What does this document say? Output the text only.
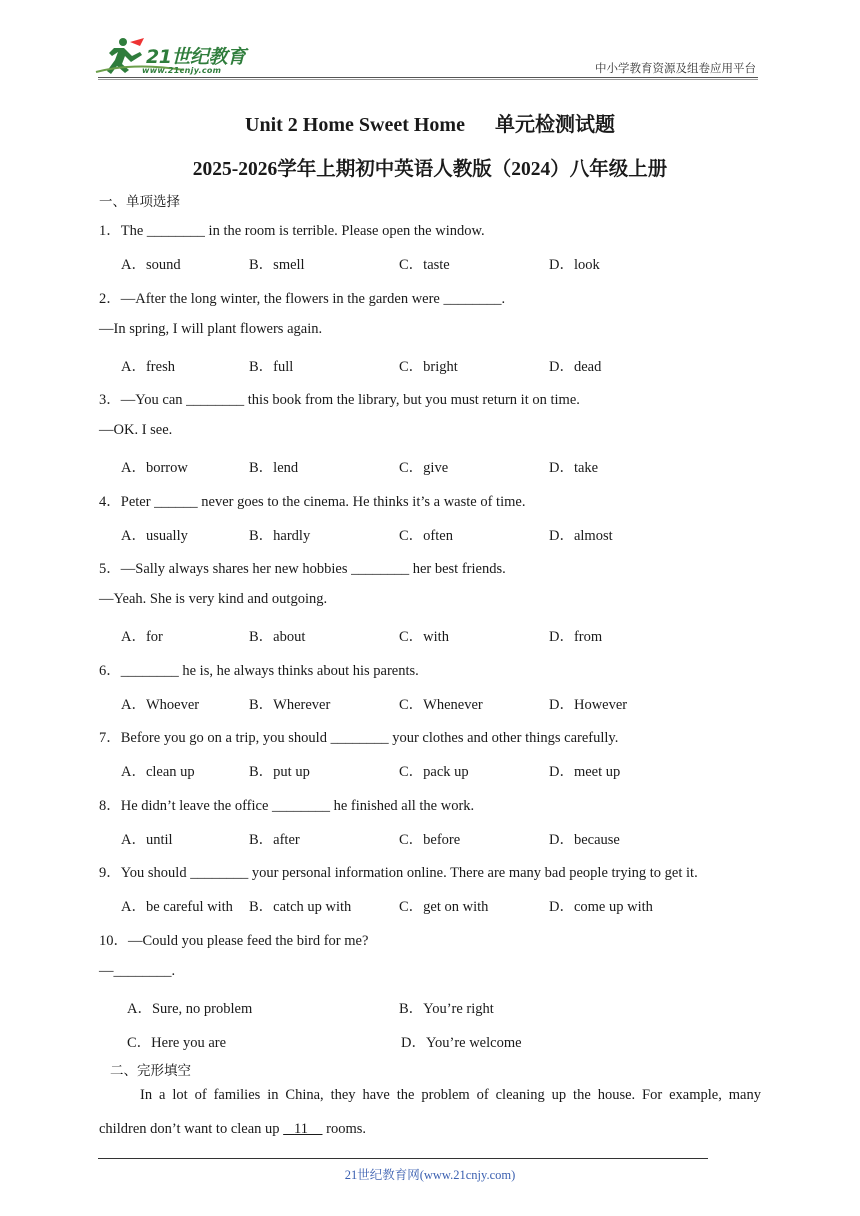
21世纪教育
www.21cnjy.com	中小学教育资源及组卷应用平台
Unit 2 Home Sweet Home 单元检测试题
2025-2026学年上期初中英语人教版（2024）八年级上册
一、单项选择
1．The ________ in the room is terrible. Please open the window.
A．sound	B．smell	C．taste	D．look
2．—After the long winter, the flowers in the garden were ________.
—In spring, I will plant flowers again.
A．fresh	B．full	C．bright	D．dead
3．—You can ________ this book from the library, but you must return it on time.
—OK. I see.
A．borrow	B．lend	C．give	D．take
4．Peter ______ never goes to the cinema. He thinks it’s a waste of time.
A．usually	B．hardly	C．often	D．almost
5．—Sally always shares her new hobbies ________ her best friends.
—Yeah. She is very kind and outgoing.
A．for	B．about	C．with	D．from
6．________ he is, he always thinks about his parents.
A．Whoever	B．Wherever	C．Whenever	D．However
7．Before you go on a trip, you should ________ your clothes and other things carefully.
A．clean up	B．put up	C．pack up	D．meet up
8．He didn’t leave the office ________ he finished all the work.
A．until	B．after	C．before	D．because
9．You should ________ your personal information online. There are many bad people trying to get it.
A．be careful with B．catch up with	C．get on with	D．come up with
10．—Could you please feed the bird for me?
—________.
A．Sure, no problem	B．You’re right
C．Here you are	D．You’re welcome
二、完形填空
In a lot of families in China, they have the problem of cleaning up the house. For example, many
children don’t want to clean up 11 rooms.
21世纪教育网(www.21cnjy.com)
